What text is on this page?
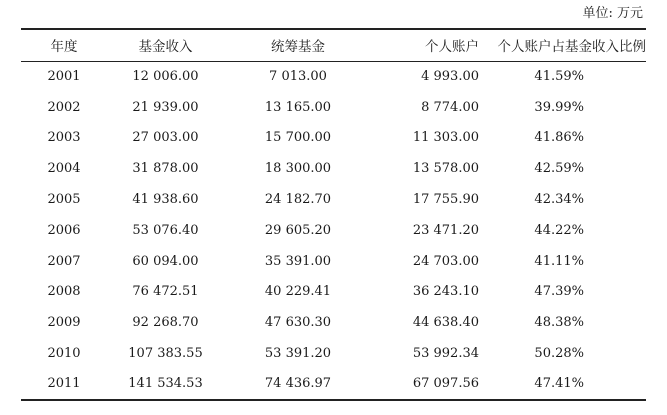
单位: 万元
年度	基金收入	统筹基金	个人账户	个人账户占基金收入比例
2001	12 006.00	7 013.00	4 993.00	41.59%
2002	21 939.00	13 165.00	8 774.00	39.99%
2003	27 003.00	15 700.00	11 303.00	41.86%
2004	31 878.00	18 300.00	13 578.00	42.59%
2005	41 938.60	24 182.70	17 755.90	42.34%
2006	53 076.40	29 605.20	23 471.20	44.22%
2007	60 094.00	35 391.00	24 703.00	41.11%
2008	76 472.51	40 229.41	36 243.10	47.39%
2009	92 268.70	47 630.30	44 638.40	48.38%
2010	107 383.55	53 391.20	53 992.34	50.28%
2011	141 534.53	74 436.97	67 097.56	47.41%
